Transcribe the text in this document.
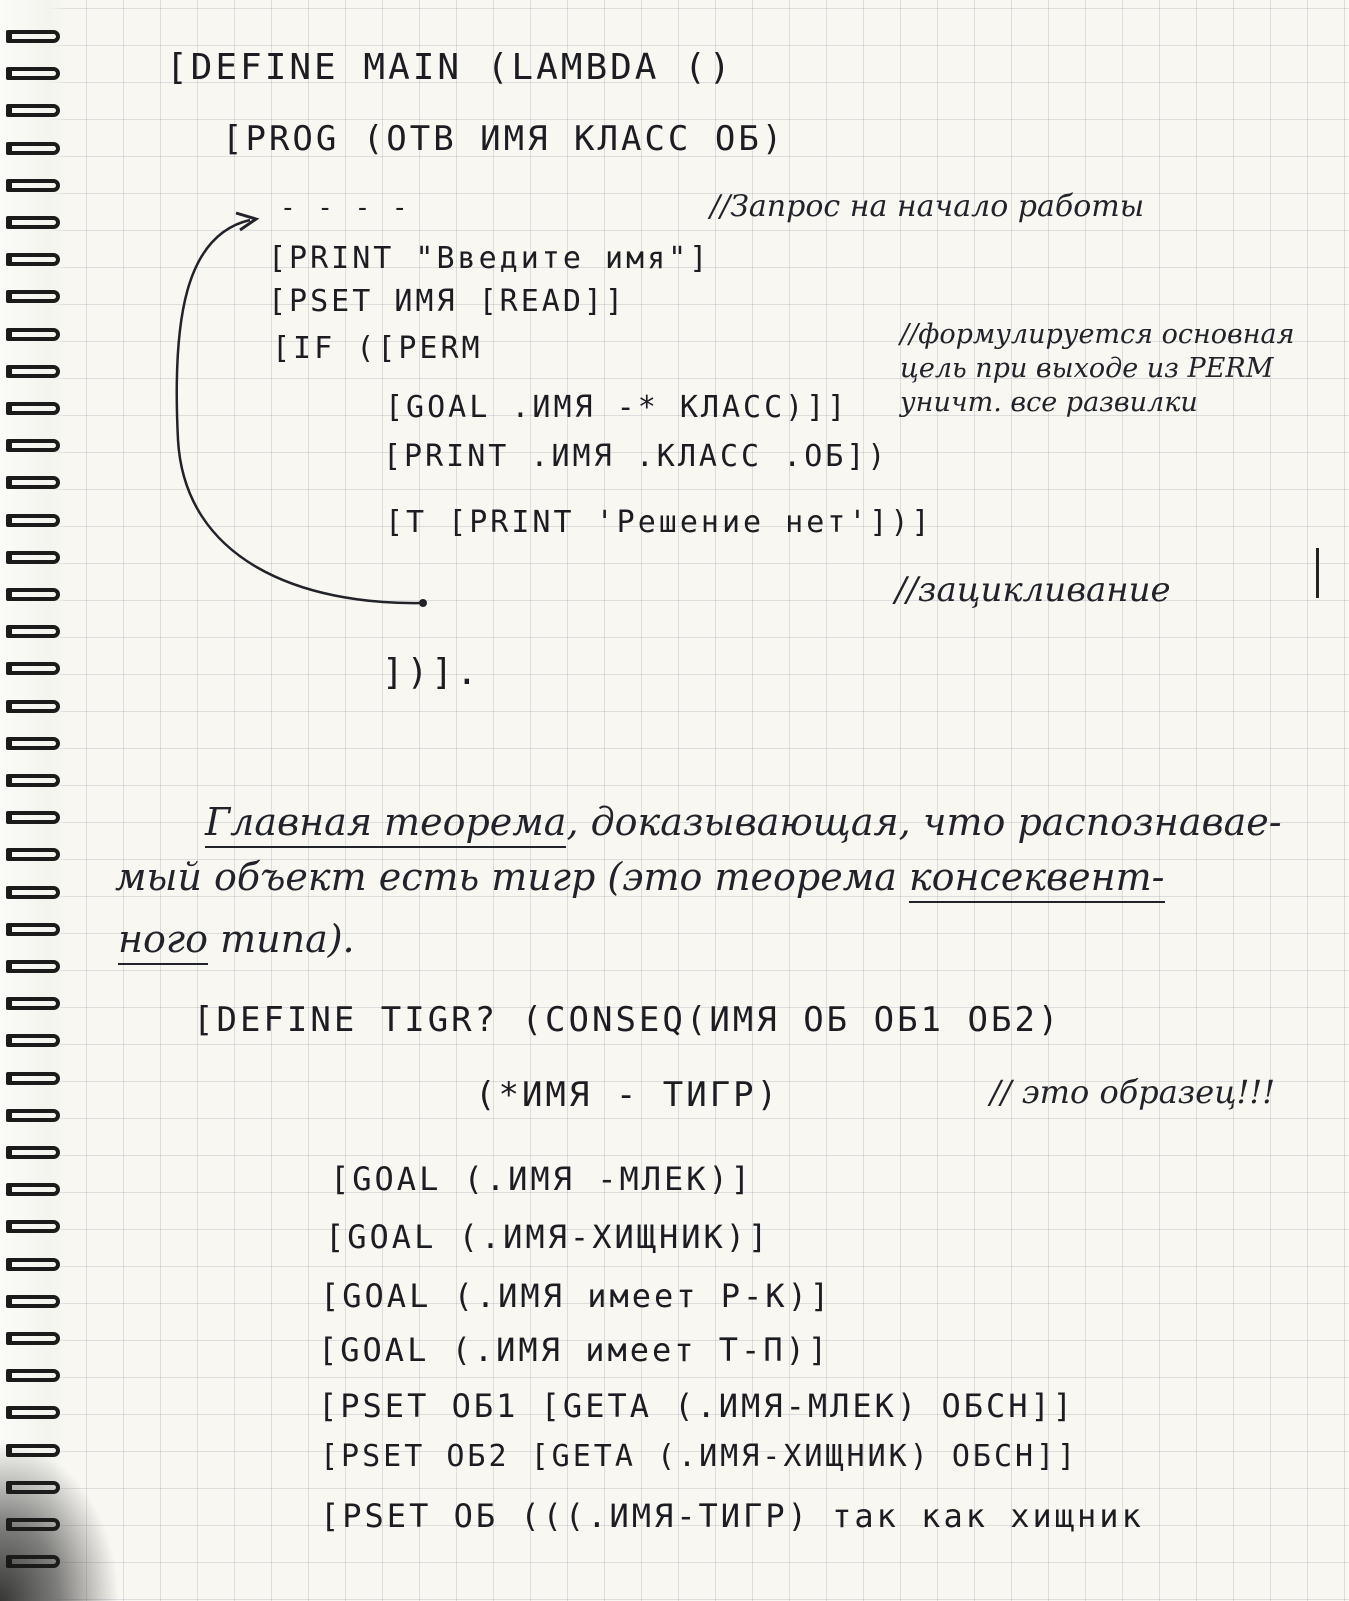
[DEFINE MAIN (LAMBDA ()
[PROG (ОТВ ИМЯ КЛАСС ОБ)
- - - -	//Запрос на начало работы
[PRINT "Введите имя"]
[PSET ИМЯ [READ]]
[IF ([PERM	//формулируется основная цель при выходе из PERM уничт. все развилки
[GOAL .ИМЯ -* КЛАСС)]]
[PRINT .ИМЯ .КЛАСС .ОБ])
[T [PRINT 'Решение нет'])]
//зацикливание
])].
Главная теорема, доказывающая, что распознавае-
мый объект есть тигр (это теорема консеквент-
ного типа).
[DEFINE TIGR? (CONSEQ(ИМЯ ОБ ОБ1 ОБ2)
(*ИМЯ - ТИГР)	// это образец!!!
[GOAL (.ИМЯ -МЛЕК)]
[GOAL (.ИМЯ-ХИЩНИК)]
[GOAL (.ИМЯ имеет Р-К)]
[GOAL (.ИМЯ имеет Т-П)]
[PSET ОБ1 [GETA (.ИМЯ-МЛЕК) ОБСН]]
[PSET ОБ2 [GETA (.ИМЯ-ХИЩНИК) ОБСН]]
[PSET ОБ (((.ИМЯ-ТИГР) так как хищник
